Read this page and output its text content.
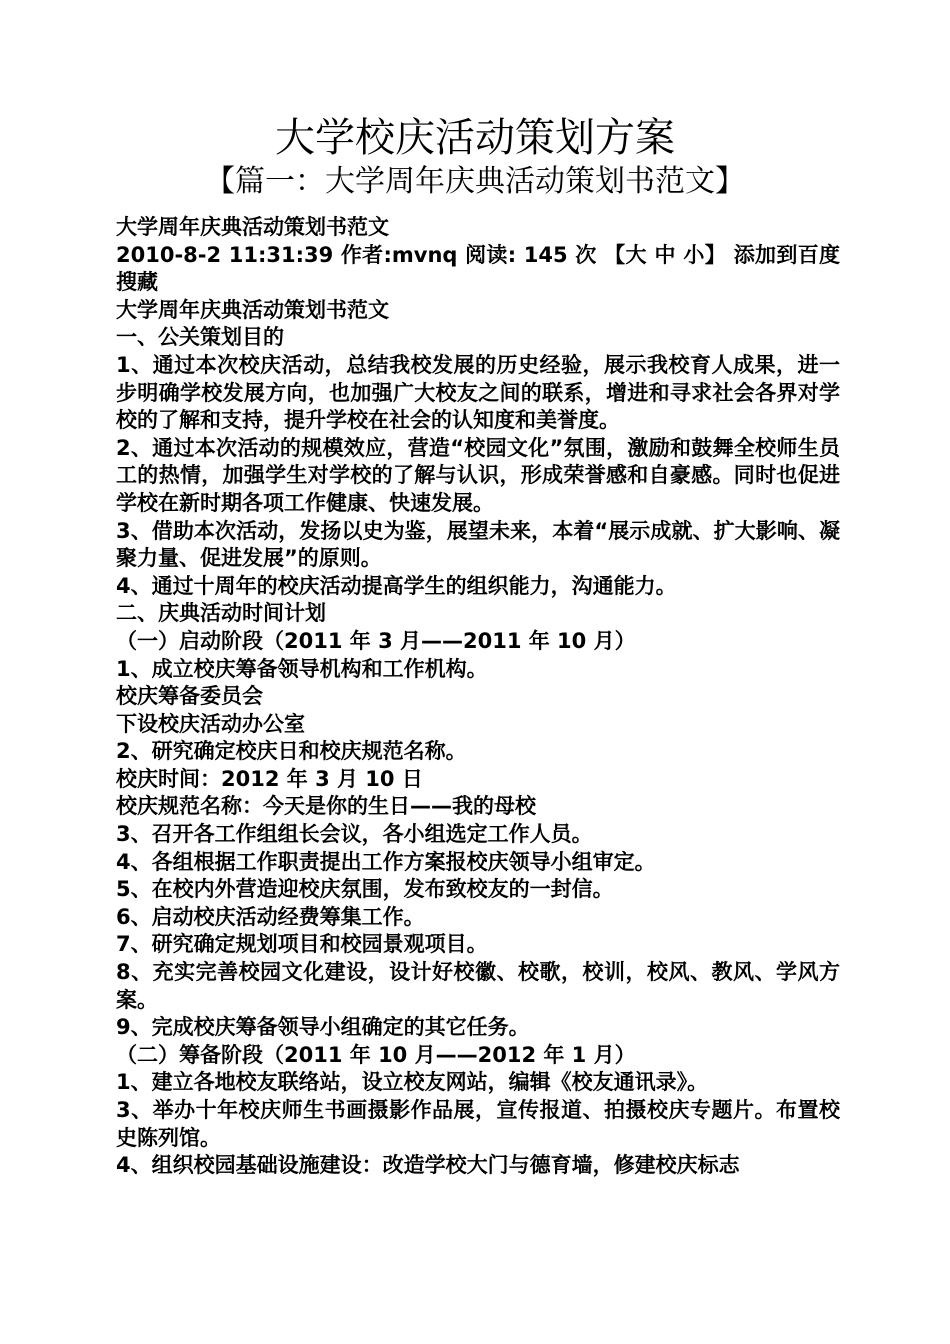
大学校庆活动策划方案
【篇一：大学周年庆典活动策划书范文】
大学周年庆典活动策划书范文
2010-8-2 11:31:39 作者:mvnq 阅读: 145 次 【大 中 小】 添加到百度搜藏
大学周年庆典活动策划书范文
一、公关策划目的
1、通过本次校庆活动，总结我校发展的历史经验，展示我校育人成果，进一步明确学校发展方向，也加强广大校友之间的联系，增进和寻求社会各界对学校的了解和支持，提升学校在社会的认知度和美誉度。
2、通过本次活动的规模效应，营造“校园文化”氛围，激励和鼓舞全校师生员工的热情，加强学生对学校的了解与认识，形成荣誉感和自豪感。同时也促进学校在新时期各项工作健康、快速发展。
3、借助本次活动，发扬以史为鉴，展望未来，本着“展示成就、扩大影响、凝聚力量、促进发展”的原则。
4、通过十周年的校庆活动提高学生的组织能力，沟通能力。
二、庆典活动时间计划
（一）启动阶段（2011 年 3 月——2011 年 10 月）
1、成立校庆筹备领导机构和工作机构。
校庆筹备委员会
下设校庆活动办公室
2、研究确定校庆日和校庆规范名称。
校庆时间：2012 年 3 月 10 日
校庆规范名称：今天是你的生日——我的母校
3、召开各工作组组长会议，各小组选定工作人员。
4、各组根据工作职责提出工作方案报校庆领导小组审定。
5、在校内外营造迎校庆氛围，发布致校友的一封信。
6、启动校庆活动经费筹集工作。
7、研究确定规划项目和校园景观项目。
8、充实完善校园文化建设，设计好校徽、校歌，校训，校风、教风、学风方案。
9、完成校庆筹备领导小组确定的其它任务。
（二）筹备阶段（2011 年 10 月——2012 年 1 月）
1、建立各地校友联络站，设立校友网站，编辑《校友通讯录》。
3、举办十年校庆师生书画摄影作品展，宣传报道、拍摄校庆专题片。布置校史陈列馆。
4、组织校园基础设施建设：改造学校大门与德育墙，修建校庆标志
